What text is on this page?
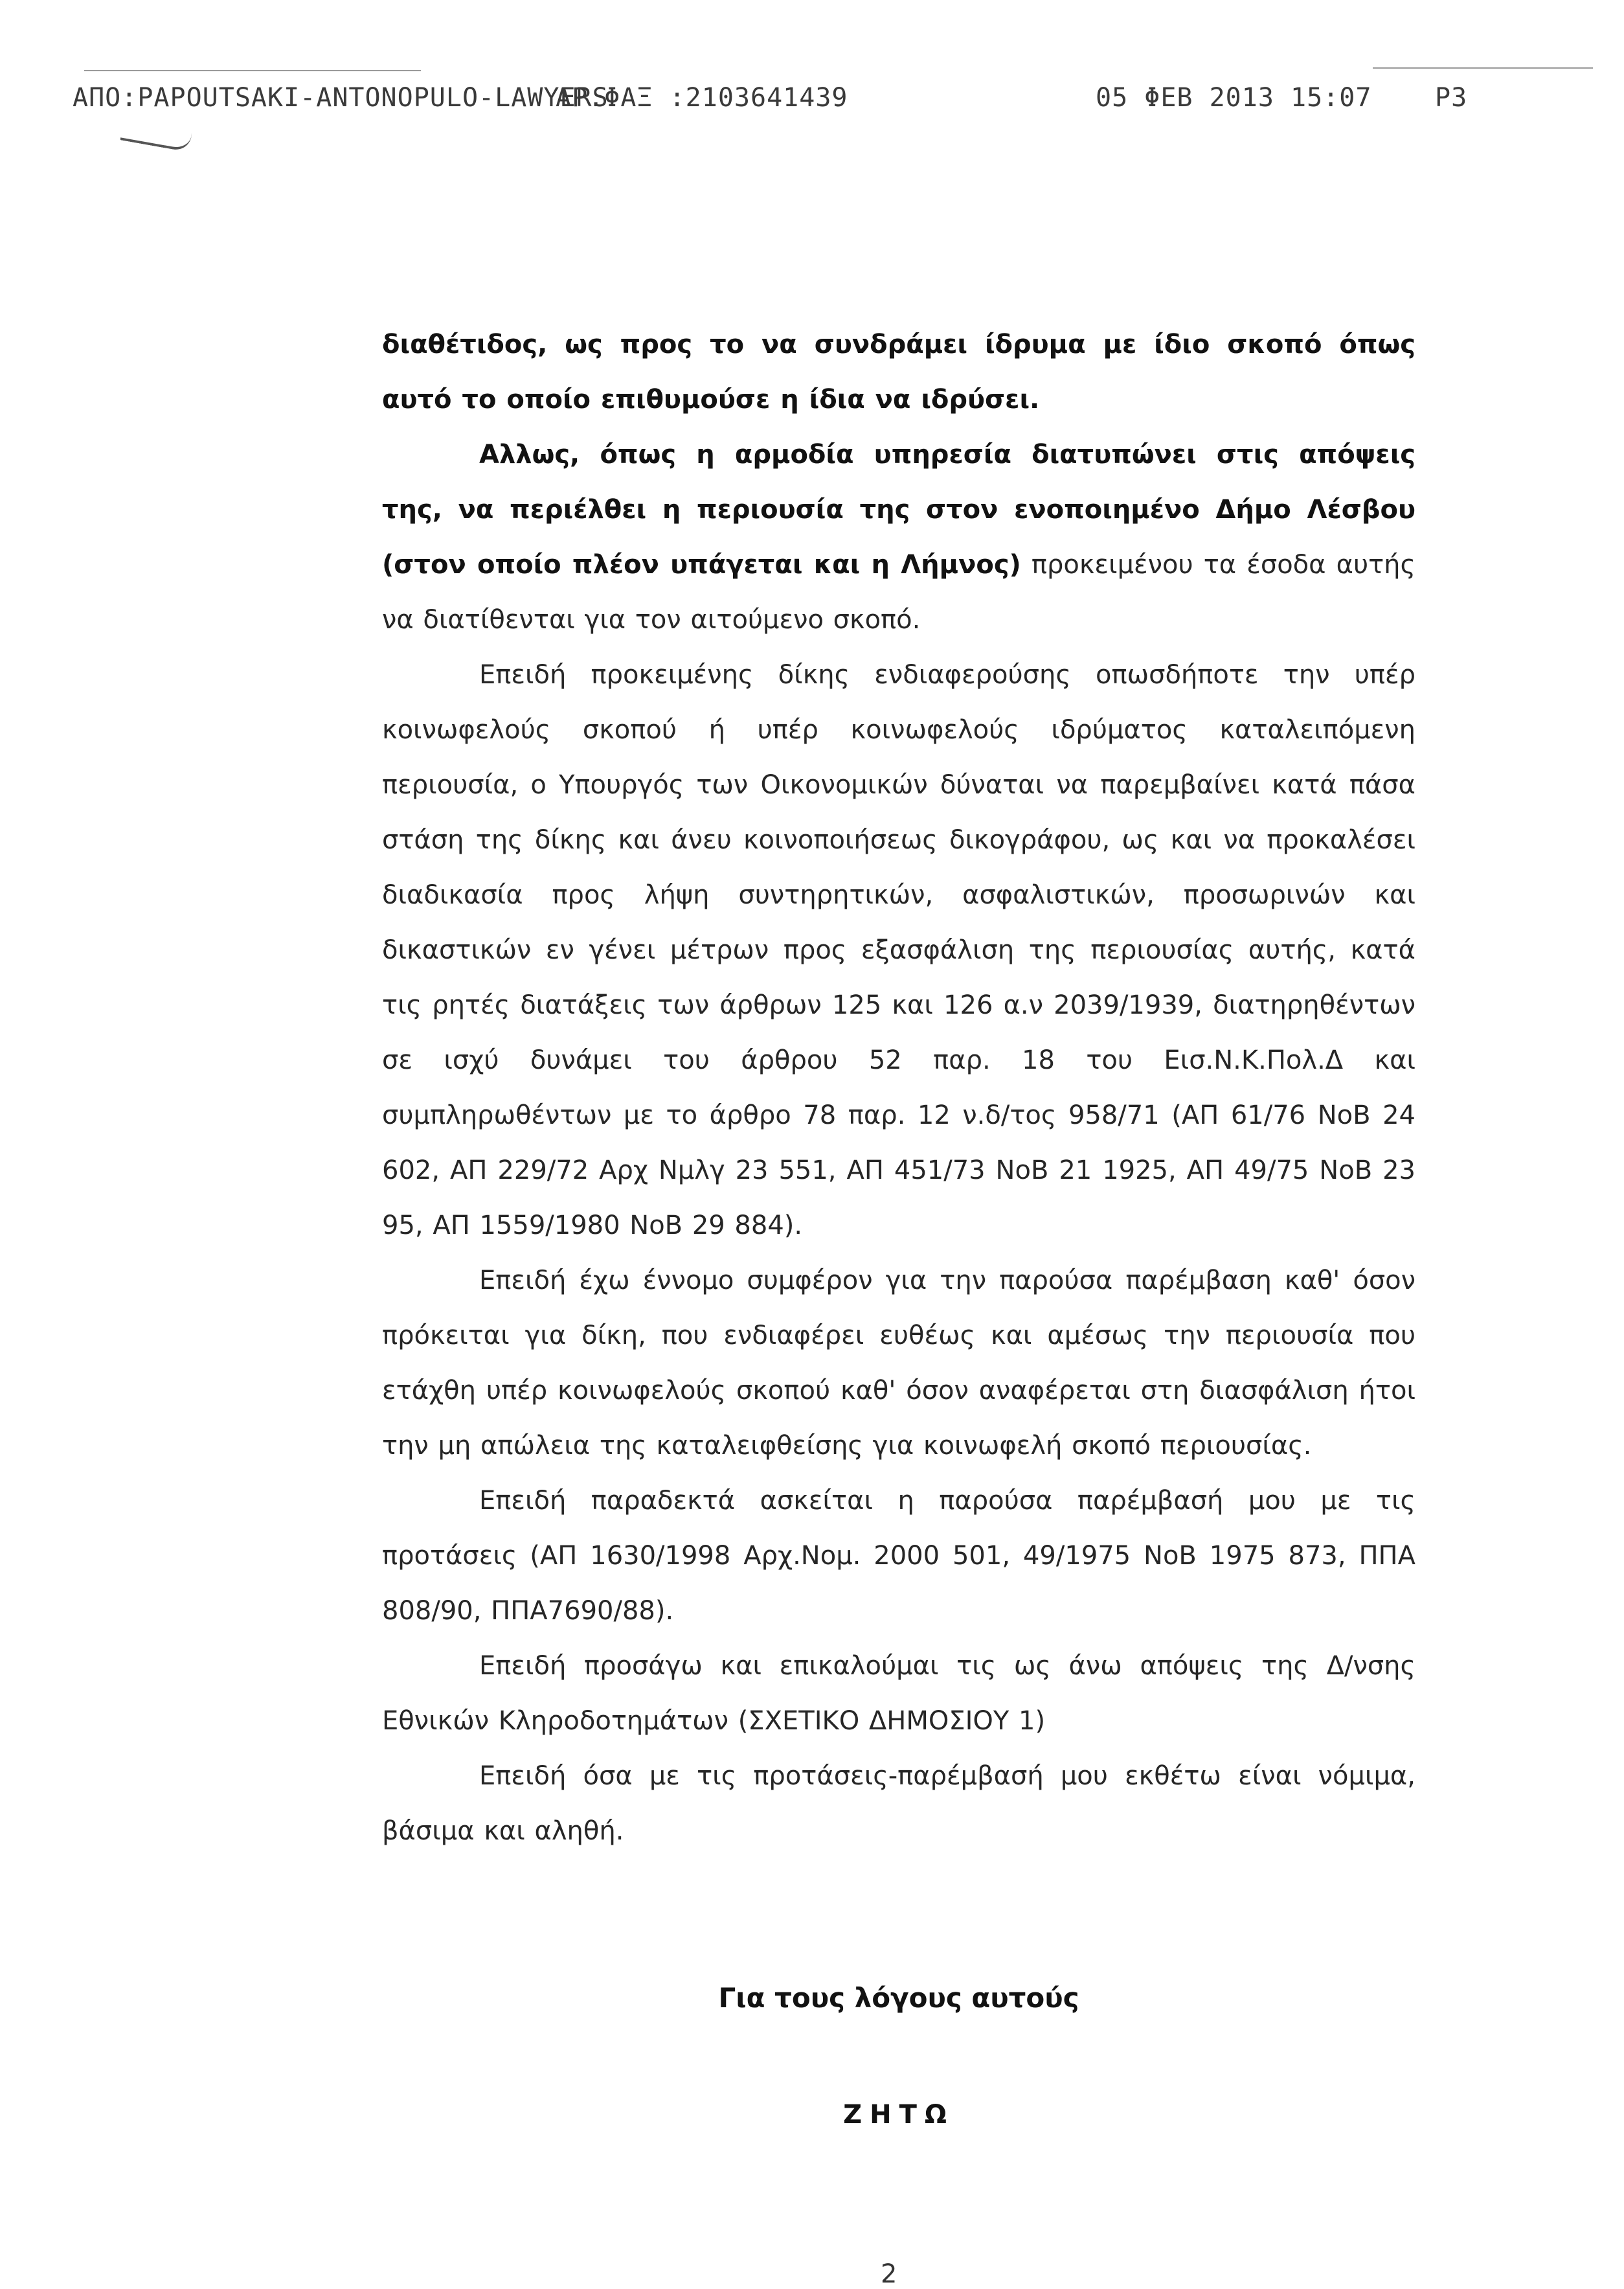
ΑΠΟ:PAPOUTSAKI-ANTONOPULO-LAWYERS
ΑΡ.ΦΑΞ :2103641439	05 ΦΕΒ 2013 15:07 P3

διαθέτιδος, ως προς το να συνδράμει ίδρυμα με ίδιο σκοπό όπως αυτό το οποίο επιθυμούσε η ίδια να ιδρύσει.

Αλλως, όπως η αρμοδία υπηρεσία διατυπώνει στις απόψεις της, να περιέλθει η περιουσία της στον ενοποιημένο Δήμο Λέσβου (στον οποίο πλέον υπάγεται και η Λήμνος) προκειμένου τα έσοδα αυτής να διατίθενται για τον αιτούμενο σκοπό.

Επειδή προκειμένης δίκης ενδιαφερούσης οπωσδήποτε την υπέρ κοινωφελούς σκοπού ή υπέρ κοινωφελούς ιδρύματος καταλειπόμενη περιουσία, ο Υπουργός των Οικονομικών δύναται να παρεμβαίνει κατά πάσα στάση της δίκης και άνευ κοινοποιήσεως δικογράφου, ως και να προκαλέσει διαδικασία προς λήψη συντηρητικών, ασφαλιστικών, προσωρινών και δικαστικών εν γένει μέτρων προς εξασφάλιση της περιουσίας αυτής, κατά τις ρητές διατάξεις των άρθρων 125 και 126 α.ν 2039/1939, διατηρηθέντων σε ισχύ δυνάμει του άρθρου 52 παρ. 18 του Εισ.Ν.Κ.Πολ.Δ και συμπληρωθέντων με το άρθρο 78 παρ. 12 ν.δ/τος 958/71 (ΑΠ 61/76 ΝοΒ 24 602, ΑΠ 229/72 Αρχ Νμλγ 23 551, ΑΠ 451/73 ΝοΒ 21 1925, ΑΠ 49/75 ΝοΒ 23 95, ΑΠ 1559/1980 ΝοΒ 29 884).

Επειδή έχω έννομο συμφέρον για την παρούσα παρέμβαση καθ' όσον πρόκειται για δίκη, που ενδιαφέρει ευθέως και αμέσως την περιουσία που ετάχθη υπέρ κοινωφελούς σκοπού καθ' όσον αναφέρεται στη διασφάλιση ήτοι την μη απώλεια της καταλειφθείσης για κοινωφελή σκοπό περιουσίας.

Επειδή παραδεκτά ασκείται η παρούσα παρέμβασή μου με τις προτάσεις (ΑΠ 1630/1998 Αρχ.Νομ. 2000 501, 49/1975 ΝοΒ 1975 873, ΠΠΑ 808/90, ΠΠΑ7690/88).

Επειδή προσάγω και επικαλούμαι τις ως άνω απόψεις της Δ/νσης Εθνικών Κληροδοτημάτων (ΣΧΕΤΙΚΟ ΔΗΜΟΣΙΟΥ 1)

Επειδή όσα με τις προτάσεις-παρέμβασή μου εκθέτω είναι νόμιμα, βάσιμα και αληθή.

Για τους λόγους αυτούς
ΖΗΤΩ
2
